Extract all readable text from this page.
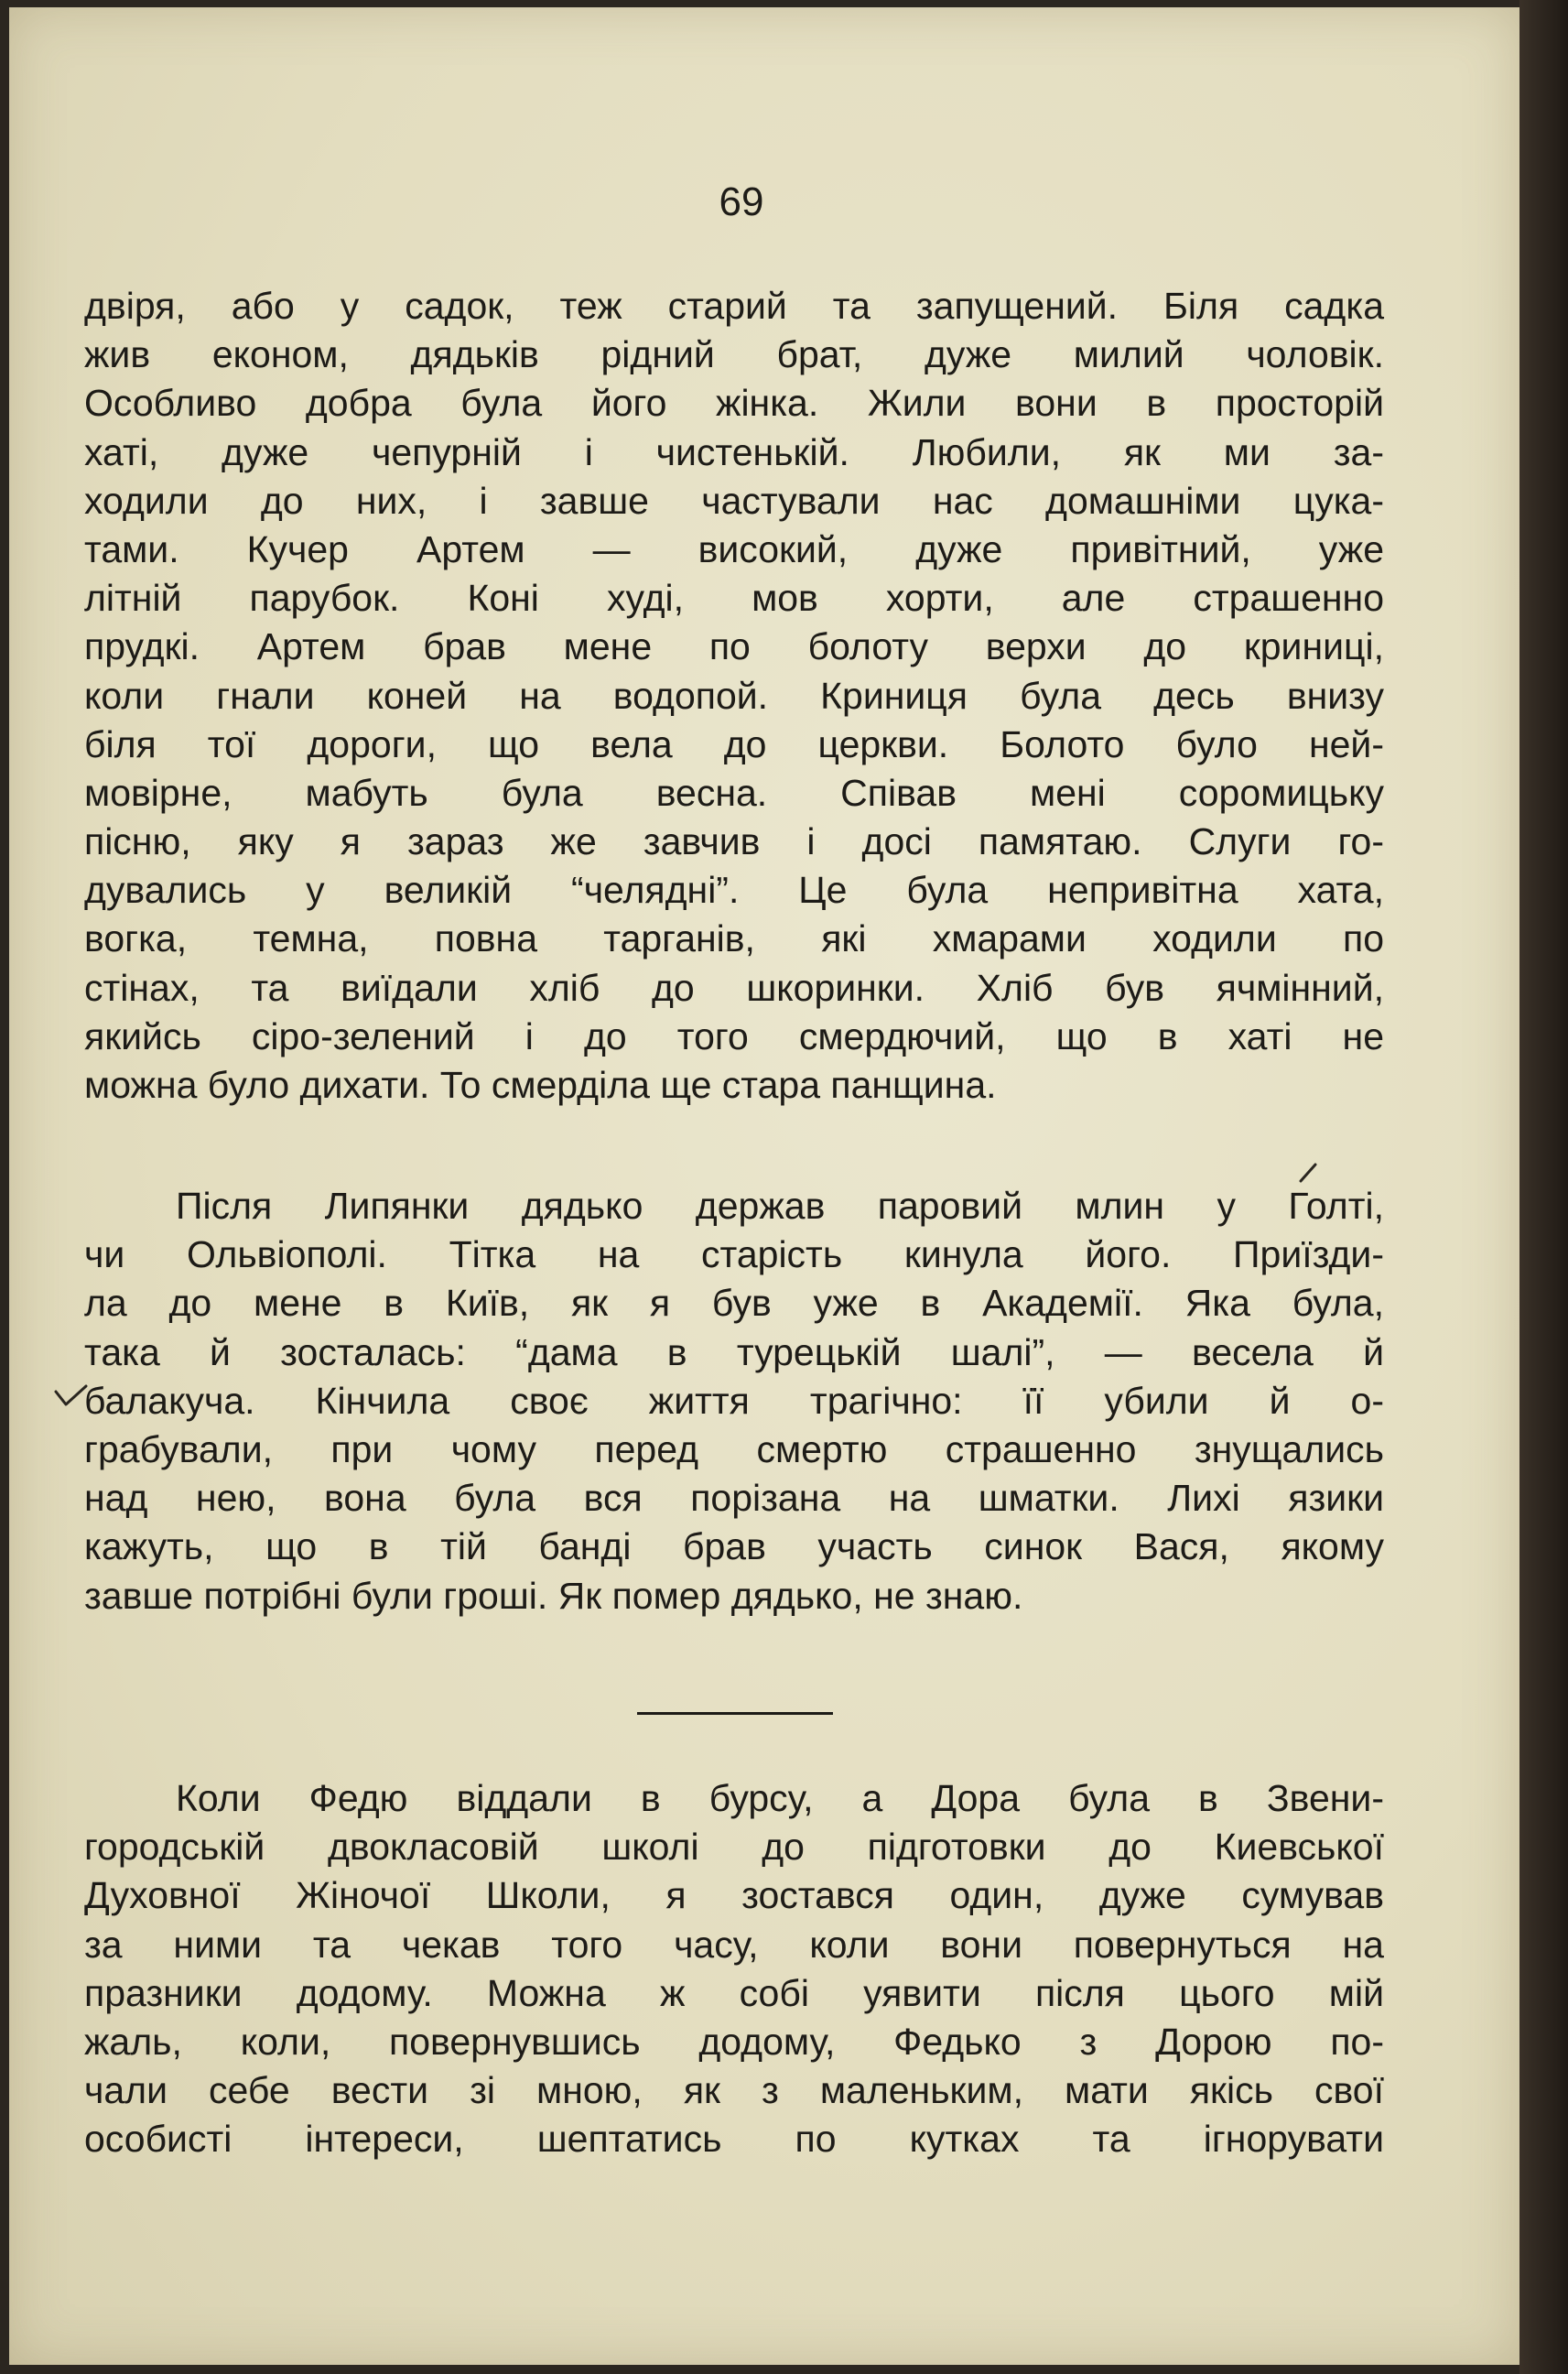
69
двіря, або у садок, теж старий та запущений. Біля садка
жив економ, дядьків рідний брат, дуже милий чоловік.
Особливо добра була його жінка. Жили вони в просторій
хаті, дуже чепурній і чистенькій. Любили, як ми за-
ходили до них, і завше частували нас домашніми цука-
тами. Кучер Артем — високий, дуже привітний, уже
літній парубок. Коні худі, мов хорти, але страшенно
прудкі. Артем брав мене по болоту верхи до криниці,
коли гнали коней на водопой. Криниця була десь внизу
біля тої дороги, що вела до церкви. Болото було ней-
мовірне, мабуть була весна. Співав мені соромицьку
пісню, яку я зараз же завчив і досі памятаю. Слуги го-
дувались у великій “челядні”. Це була непривітна хата,
вогка, темна, повна тарганів, які хмарами ходили по
стінах, та виїдали хліб до шкоринки. Хліб був ячмінний,
якийсь сіро-зелений і до того смердючий, що в хаті не
можна було дихати. То смерділа ще стара панщина.
Після Липянки дядько держав паровий млин у Голті,
чи Ольвіополі. Тітка на старість кинула його. Приїзди-
ла до мене в Київ, як я був уже в Академії. Яка була,
така й зосталась: “дама в турецькій шалі”, — весела й
балакуча. Кінчила своє життя трагічно: її убили й о-
грабували, при чому перед смертю страшенно знущались
над нею, вона була вся порізана на шматки. Лихі язики
кажуть, що в тій банді брав участь синок Вася, якому
завше потрібні були гроші. Як помер дядько, не знаю.
Коли Федю віддали в бурсу, а Дора була в Звени-
городській двокласовій школі до підготовки до Киевської
Духовної Жіночої Школи, я зостався один, дуже сумував
за ними та чекав того часу, коли вони повернуться на
празники додому. Можна ж собі уявити після цього мій
жаль, коли, повернувшись додому, Федько з Дорою по-
чали себе вести зі мною, як з маленьким, мати якісь свої
особисті інтереси, шептатись по кутках та ігнорувати
